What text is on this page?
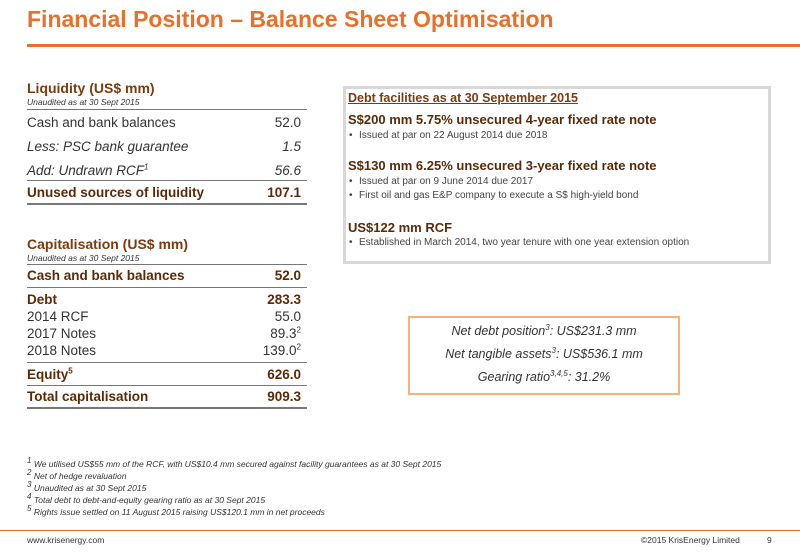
Financial Position – Balance Sheet Optimisation
Liquidity (US$ mm)
Unaudited as at 30 Sept 2015
Cash and bank balances	52.0
Less: PSC bank guarantee	1.5
Add: Undrawn RCF$^1$	56.6
Unused sources of liquidity	107.1
Capitalisation (US$ mm)
Unaudited as at 30 Sept 2015
Cash and bank balances	52.0
Debt	283.3
2014 RCF	55.0
2017 Notes	89.3$^2$
2018 Notes	139.0$^2$
Equity$^5$	626.0
Total capitalisation	909.3
Debt facilities as at 30 September 2015
S$200 mm 5.75% unsecured 4-year fixed rate note
• Issued at par on 22 August 2014 due 2018
S$130 mm 6.25% unsecured 3-year fixed rate note
• Issued at par on 9 June 2014 due 2017
• First oil and gas E&P company to execute a S$ high-yield bond
US$122 mm RCF
• Established in March 2014, two year tenure with one year extension option
Net debt position$^3$: US$231.3 mm
Net tangible assets$^3$: US$536.1 mm
Gearing ratio$^{3,4,5}$: 31.2%
$^1$ We utilised US$55 mm of the RCF, with US$10.4 mm secured against facility guarantees as at 30 Sept 2015
$^2$ Net of hedge revaluation
$^3$ Unaudited as at 30 Sept 2015
$^4$ Total debt to debt-and-equity gearing ratio as at 30 Sept 2015
$^5$ Rights issue settled on 11 August 2015 raising US$120.1 mm in net proceeds
www.krisenergy.com	©2015 KrisEnergy Limited	9
